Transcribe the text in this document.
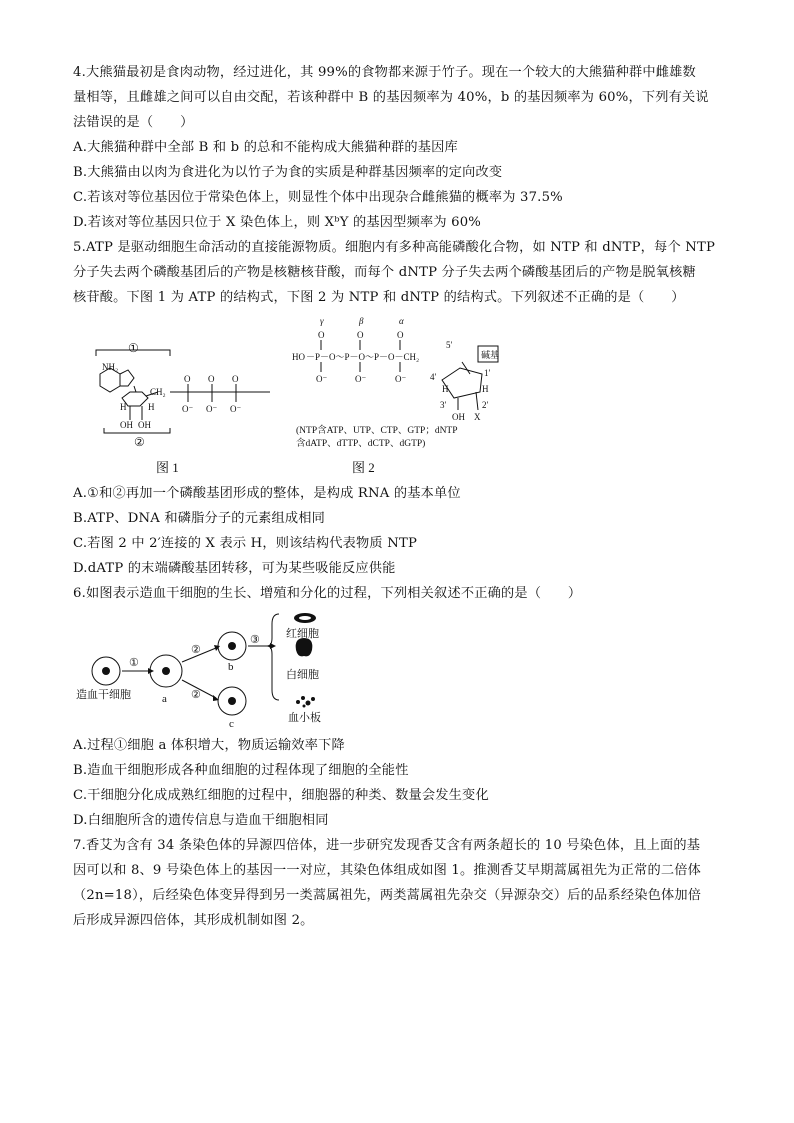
4.大熊猫最初是食肉动物，经过进化，其 99%的食物都来源于竹子。现在一个较大的大熊猫种群中雌雄数
量相等，且雌雄之间可以自由交配，若该种群中 B 的基因频率为 40%，b 的基因频率为 60%，下列有关说
法错误的是（　　）
A.大熊猫种群中全部 B 和 b 的总和不能构成大熊猫种群的基因库
B.大熊猫由以肉为食进化为以竹子为食的实质是种群基因频率的定向改变
C.若该对等位基因位于常染色体上，则显性个体中出现杂合雌熊猫的概率为 37.5%
D.若该对等位基因只位于 X 染色体上，则 XᵇY 的基因型频率为 60%
5.ATP 是驱动细胞生命活动的直接能源物质。细胞内有多种高能磷酸化合物，如 NTP 和 dNTP，每个 NTP
分子失去两个磷酸基团后的产物是核糖核苷酸，而每个 dNTP 分子失去两个磷酸基团后的产物是脱氧核糖
核苷酸。下图 1 为 ATP 的结构式，下图 2 为 NTP 和 dNTP 的结构式。下列叙述不正确的是（　　）
①
NH₂
CH₂
H H
OH OH
②
O O O
O⁻ O⁻ O⁻
图 1
γ	β	α
O	O	O
碱基
HO －P－O～P－O～P－O－CH₂
O⁻	O⁻	O⁻
5′
4′	1′
H	H
3′	2′
OH X
(NTP含ATP、UTP、CTP、GTP；dNTP
含dATP、dTTP、dCTP、dGTP)
图 2
A.①和②再加一个磷酸基团形成的整体，是构成 RNA 的基本单位
B.ATP、DNA 和磷脂分子的元素组成相同
C.若图 2 中 2′连接的 X 表示 H，则该结构代表物质 NTP
D.dATP 的末端磷酸基团转移，可为某些吸能反应供能
6.如图表示造血干细胞的生长、增殖和分化的过程，下列相关叙述不正确的是（　　）
造血干细胞	a
b
c
①
②
②
③ 红细胞
白细胞
血小板
A.过程①细胞 a 体积增大，物质运输效率下降
B.造血干细胞形成各种血细胞的过程体现了细胞的全能性
C.干细胞分化成成熟红细胞的过程中，细胞器的种类、数量会发生变化
D.白细胞所含的遗传信息与造血干细胞相同
7.香艾为含有 34 条染色体的异源四倍体，进一步研究发现香艾含有两条超长的 10 号染色体，且上面的基
因可以和 8、9 号染色体上的基因一一对应，其染色体组成如图 1。推测香艾早期蒿属祖先为正常的二倍体
（2n=18），后经染色体变异得到另一类蒿属祖先，两类蒿属祖先杂交（异源杂交）后的品系经染色体加倍
后形成异源四倍体，其形成机制如图 2。
